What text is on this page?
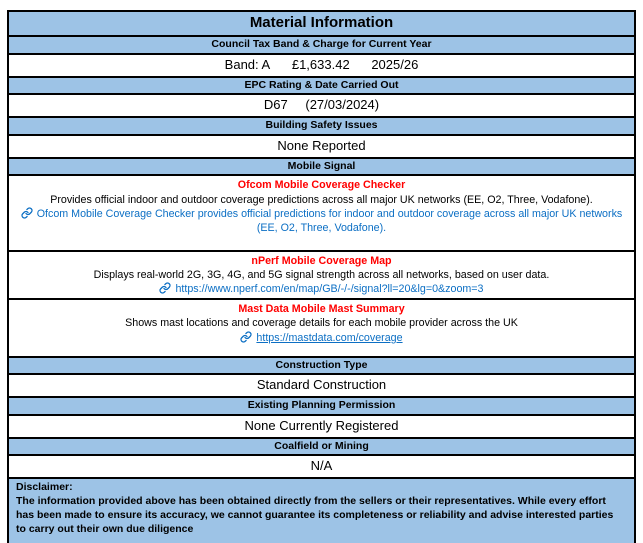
Material Information
Council Tax Band & Charge for Current Year
Band: A £1,633.42 2025/26
EPC Rating & Date Carried Out
D67 (27/03/2024)
Building Safety Issues
None Reported
Mobile Signal
Ofcom Mobile Coverage Checker
Provides official indoor and outdoor coverage predictions across all major UK networks (EE, O2, Three, Vodafone).
Ofcom Mobile Coverage Checker provides official predictions for indoor and outdoor coverage across all major UK networks (EE, O2, Three, Vodafone).
nPerf Mobile Coverage Map
Displays real-world 2G, 3G, 4G, and 5G signal strength across all networks, based on user data.
https://www.nperf.com/en/map/GB/-/-/signal?ll=20&lg=0&zoom=3
Mast Data Mobile Mast Summary
Shows mast locations and coverage details for each mobile provider across the UK
https://mastdata.com/coverage
Construction Type
Standard Construction
Existing Planning Permission
None Currently Registered
Coalfield or Mining
N/A
Disclaimer:
The information provided above has been obtained directly from the sellers or their representatives. While every effort has been made to ensure its accuracy, we cannot guarantee its completeness or reliability and advise interested parties to carry out their own due diligence
